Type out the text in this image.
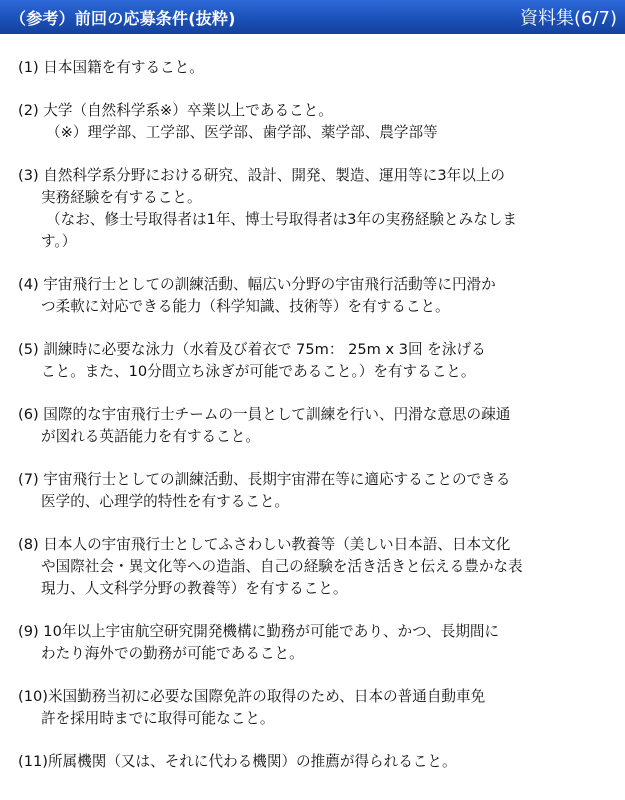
（参考）前回の応募条件(抜粋)	資料集(6/7)
(1) 日本国籍を有すること。
(2) 大学（自然科学系※）卒業以上であること。
（※）理学部、工学部、医学部、歯学部、薬学部、農学部等
(3) 自然科学系分野における研究、設計、開発、製造、運用等に3年以上の
実務経験を有すること。
（なお、修士号取得者は1年、博士号取得者は3年の実務経験とみなしま
す。）
(4) 宇宙飛行士としての訓練活動、幅広い分野の宇宙飛行活動等に円滑か
つ柔軟に対応できる能力（科学知識、技術等）を有すること。
(5) 訓練時に必要な泳力（水着及び着衣で 75m： 25m x 3回 を泳げる
こと。また、10分間立ち泳ぎが可能であること。）を有すること。
(6) 国際的な宇宙飛行士チームの一員として訓練を行い、円滑な意思の疎通
が図れる英語能力を有すること。
(7) 宇宙飛行士としての訓練活動、長期宇宙滞在等に適応することのできる
医学的、心理学的特性を有すること。
(8) 日本人の宇宙飛行士としてふさわしい教養等（美しい日本語、日本文化
や国際社会・異文化等への造詣、自己の経験を活き活きと伝える豊かな表
現力、人文科学分野の教養等）を有すること。
(9) 10年以上宇宙航空研究開発機構に勤務が可能であり、かつ、長期間に
わたり海外での勤務が可能であること。
(10)米国勤務当初に必要な国際免許の取得のため、日本の普通自動車免
許を採用時までに取得可能なこと。
(11)所属機関（又は、それに代わる機関）の推薦が得られること。
